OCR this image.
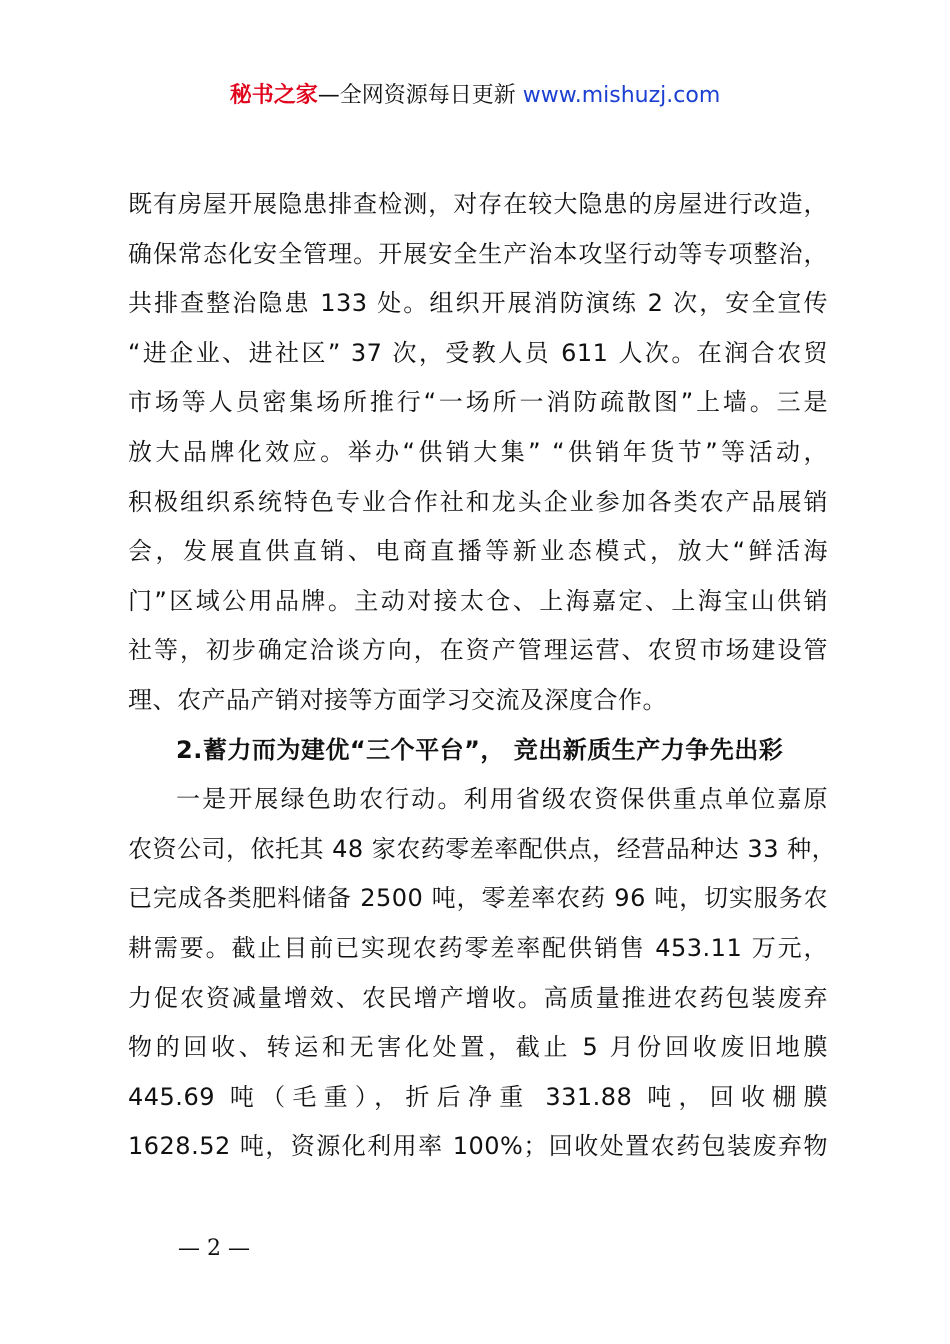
秘书之家—全网资源每日更新 www.mishuzj.com
既有房屋开展隐患排查检测，对存在较大隐患的房屋进行改造，
确保常态化安全管理。开展安全生产治本攻坚行动等专项整治，
共排查整治隐患 133 处。组织开展消防演练 2 次，安全宣传
“进企业、进社区” 37 次，受教人员 611 人次。在润合农贸
市场等人员密集场所推行“一场所一消防疏散图”上墙。三是
放大品牌化效应。举办“供销大集” “供销年货节”等活动，
积极组织系统特色专业合作社和龙头企业参加各类农产品展销
会，发展直供直销、电商直播等新业态模式，放大“鲜活海
门”区域公用品牌。主动对接太仓、上海嘉定、上海宝山供销
社等，初步确定洽谈方向，在资产管理运营、农贸市场建设管
理、农产品产销对接等方面学习交流及深度合作。
2.蓄力而为建优“三个平台”， 竞出新质生产力争先出彩
一是开展绿色助农行动。利用省级农资保供重点单位嘉原
农资公司，依托其 48 家农药零差率配供点，经营品种达 33 种，
已完成各类肥料储备 2500 吨，零差率农药 96 吨，切实服务农
耕需要。截止目前已实现农药零差率配供销售 453.11 万元，
力促农资减量增效、农民增产增收。高质量推进农药包装废弃
物的回收、转运和无害化处置，截止 5 月份回收废旧地膜
445.69 吨（毛重），折后净重 331.88 吨，回收棚膜
1628.52 吨，资源化利用率 100%；回收处置农药包装废弃物
— 2 —
